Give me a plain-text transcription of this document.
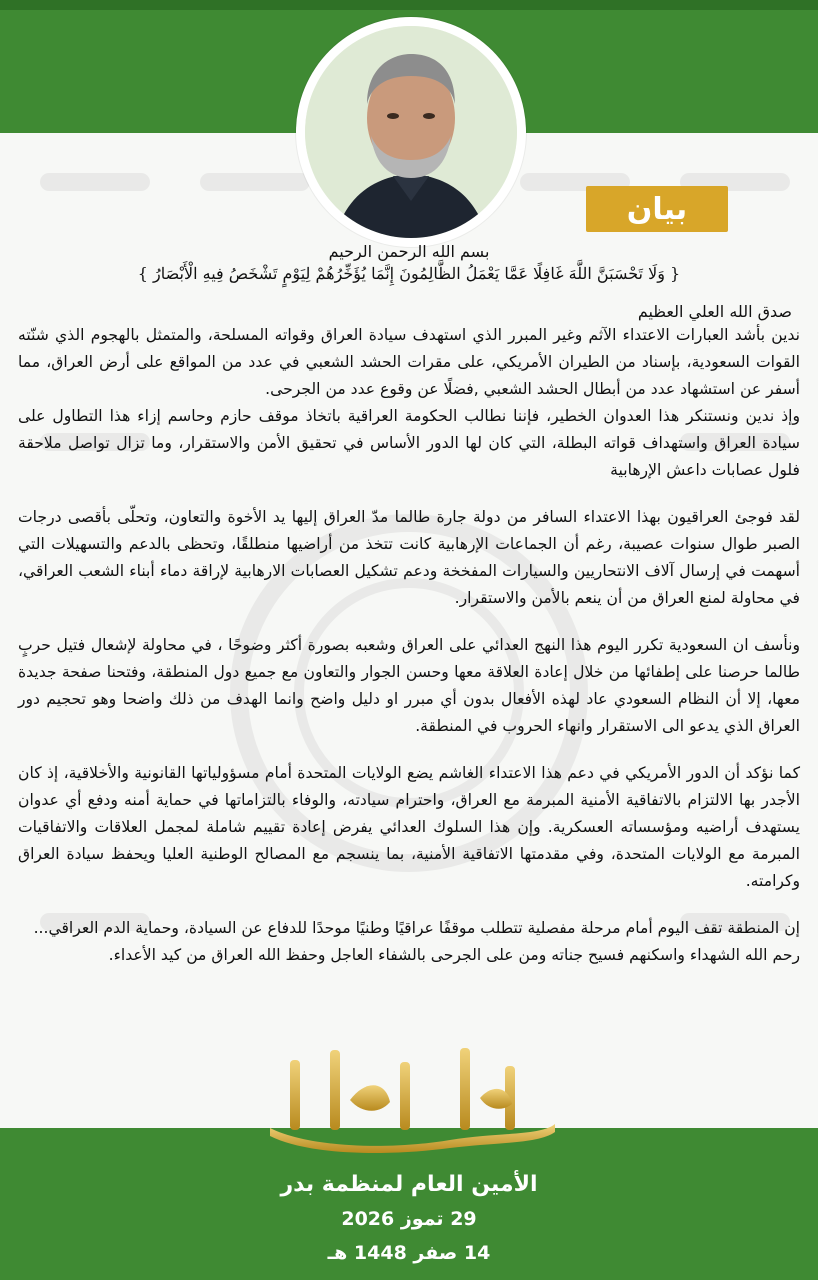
بيان
بسم الله الرحمن الرحيم
{ وَلَا تَحْسَبَنَّ اللَّهَ غَافِلًا عَمَّا يَعْمَلُ الظَّالِمُونَ إِنَّمَا يُؤَخِّرُهُمْ لِيَوْمٍ تَشْخَصُ فِيهِ الْأَبْصَارُ }
صدق الله العلي العظيم

ندين بأشد العبارات الاعتداء الآثم وغير المبرر الذي استهدف سيادة العراق وقواته المسلحة، والمتمثل بالهجوم الذي شنّته القوات السعودية، بإسناد من الطيران الأمريكي، على مقرات الحشد الشعبي في عدد من المواقع على أرض العراق، مما أسفر عن استشهاد عدد من أبطال الحشد الشعبي ,فضلًا عن وقوع عدد من الجرحى.

وإذ ندين ونستنكر هذا العدوان الخطير، فإننا نطالب الحكومة العراقية باتخاذ موقف حازم وحاسم إزاء هذا التطاول على سيادة العراق واستهداف قواته البطلة، التي كان لها الدور الأساس في تحقيق الأمن والاستقرار، وما تزال تواصل ملاحقة فلول عصابات داعش الإرهابية

لقد فوجئ العراقيون بهذا الاعتداء السافر من دولة جارة طالما مدّ العراق إليها يد الأخوة والتعاون، وتحلّى بأقصى درجات الصبر طوال سنوات عصيبة، رغم أن الجماعات الإرهابية كانت تتخذ من أراضيها منطلقًا، وتحظى بالدعم والتسهيلات التي أسهمت في إرسال آلاف الانتحاريين والسيارات المفخخة ودعم تشكيل العصابات الارهابية لإراقة دماء أبناء الشعب العراقي، في محاولة لمنع العراق من أن ينعم بالأمن والاستقرار.

ونأسف ان السعودية تكرر اليوم هذا النهج العدائي على العراق وشعبه بصورة أكثر وضوحًا ، في محاولة لإشعال فتيل حربٍ طالما حرصنا على إطفائها من خلال إعادة العلاقة معها وحسن الجوار والتعاون مع جميع دول المنطقة، وفتحنا صفحة جديدة معها، إلا أن النظام السعودي عاد لهذه الأفعال بدون أي مبرر او دليل واضح وانما الهدف من ذلك واضحا وهو تحجيم دور العراق الذي يدعو الى الاستقرار وانهاء الحروب في المنطقة.

كما نؤكد أن الدور الأمريكي في دعم هذا الاعتداء الغاشم يضع الولايات المتحدة أمام مسؤولياتها القانونية والأخلاقية، إذ كان الأجدر بها الالتزام بالاتفاقية الأمنية المبرمة مع العراق، واحترام سيادته، والوفاء بالتزاماتها في حماية أمنه ودفع أي عدوان يستهدف أراضيه ومؤسساته العسكرية. وإن هذا السلوك العدائي يفرض إعادة تقييم شاملة لمجمل العلاقات والاتفاقيات المبرمة مع الولايات المتحدة، وفي مقدمتها الاتفاقية الأمنية، بما ينسجم مع المصالح الوطنية العليا ويحفظ سيادة العراق وكرامته.

إن المنطقة تقف اليوم أمام مرحلة مفصلية تتطلب موقفًا عراقيًا وطنيًا موحدًا للدفاع عن السيادة، وحماية الدم العراقي...

رحم الله الشهداء واسكنهم فسيح جناته ومن على الجرحى بالشفاء العاجل وحفظ الله العراق من كيد الأعداء.

الأمين العام لمنظمة بدر
29 تموز 2026
14 صفر 1448 هـ
